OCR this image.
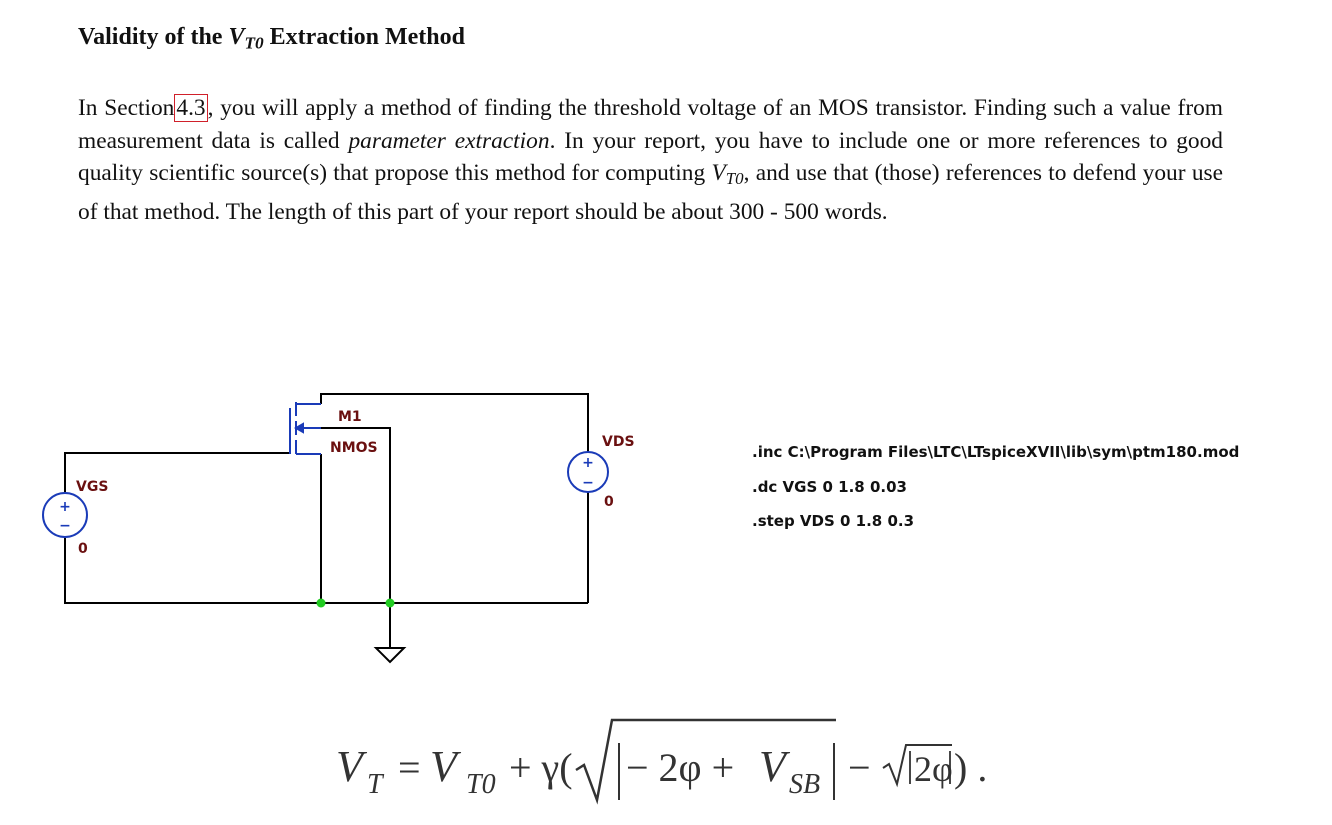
Validity of the $V_{T0}$ Extraction Method
In Section4.3, you will apply a method of finding the threshold voltage of an MOS transistor. Finding such a value from measurement data is called parameter extraction. In your report, you have to include one or more references to good quality scientific source(s) that propose this method for computing $V_{T0}$, and use that (those) references to defend your use of that method. The length of this part of your report should be about 300 - 500 words.
+
−
+
−
VGS
0
VDS
0
M1
NMOS	.inc C:\Program Files\LTC\LTspiceXVII\lib\sym\ptm180.mod
.dc VGS 0 1.8 0.03
.step VDS 0 1.8 0.3
V T = V T0 + γ( − 2φ + V SB − 2φ ) .
